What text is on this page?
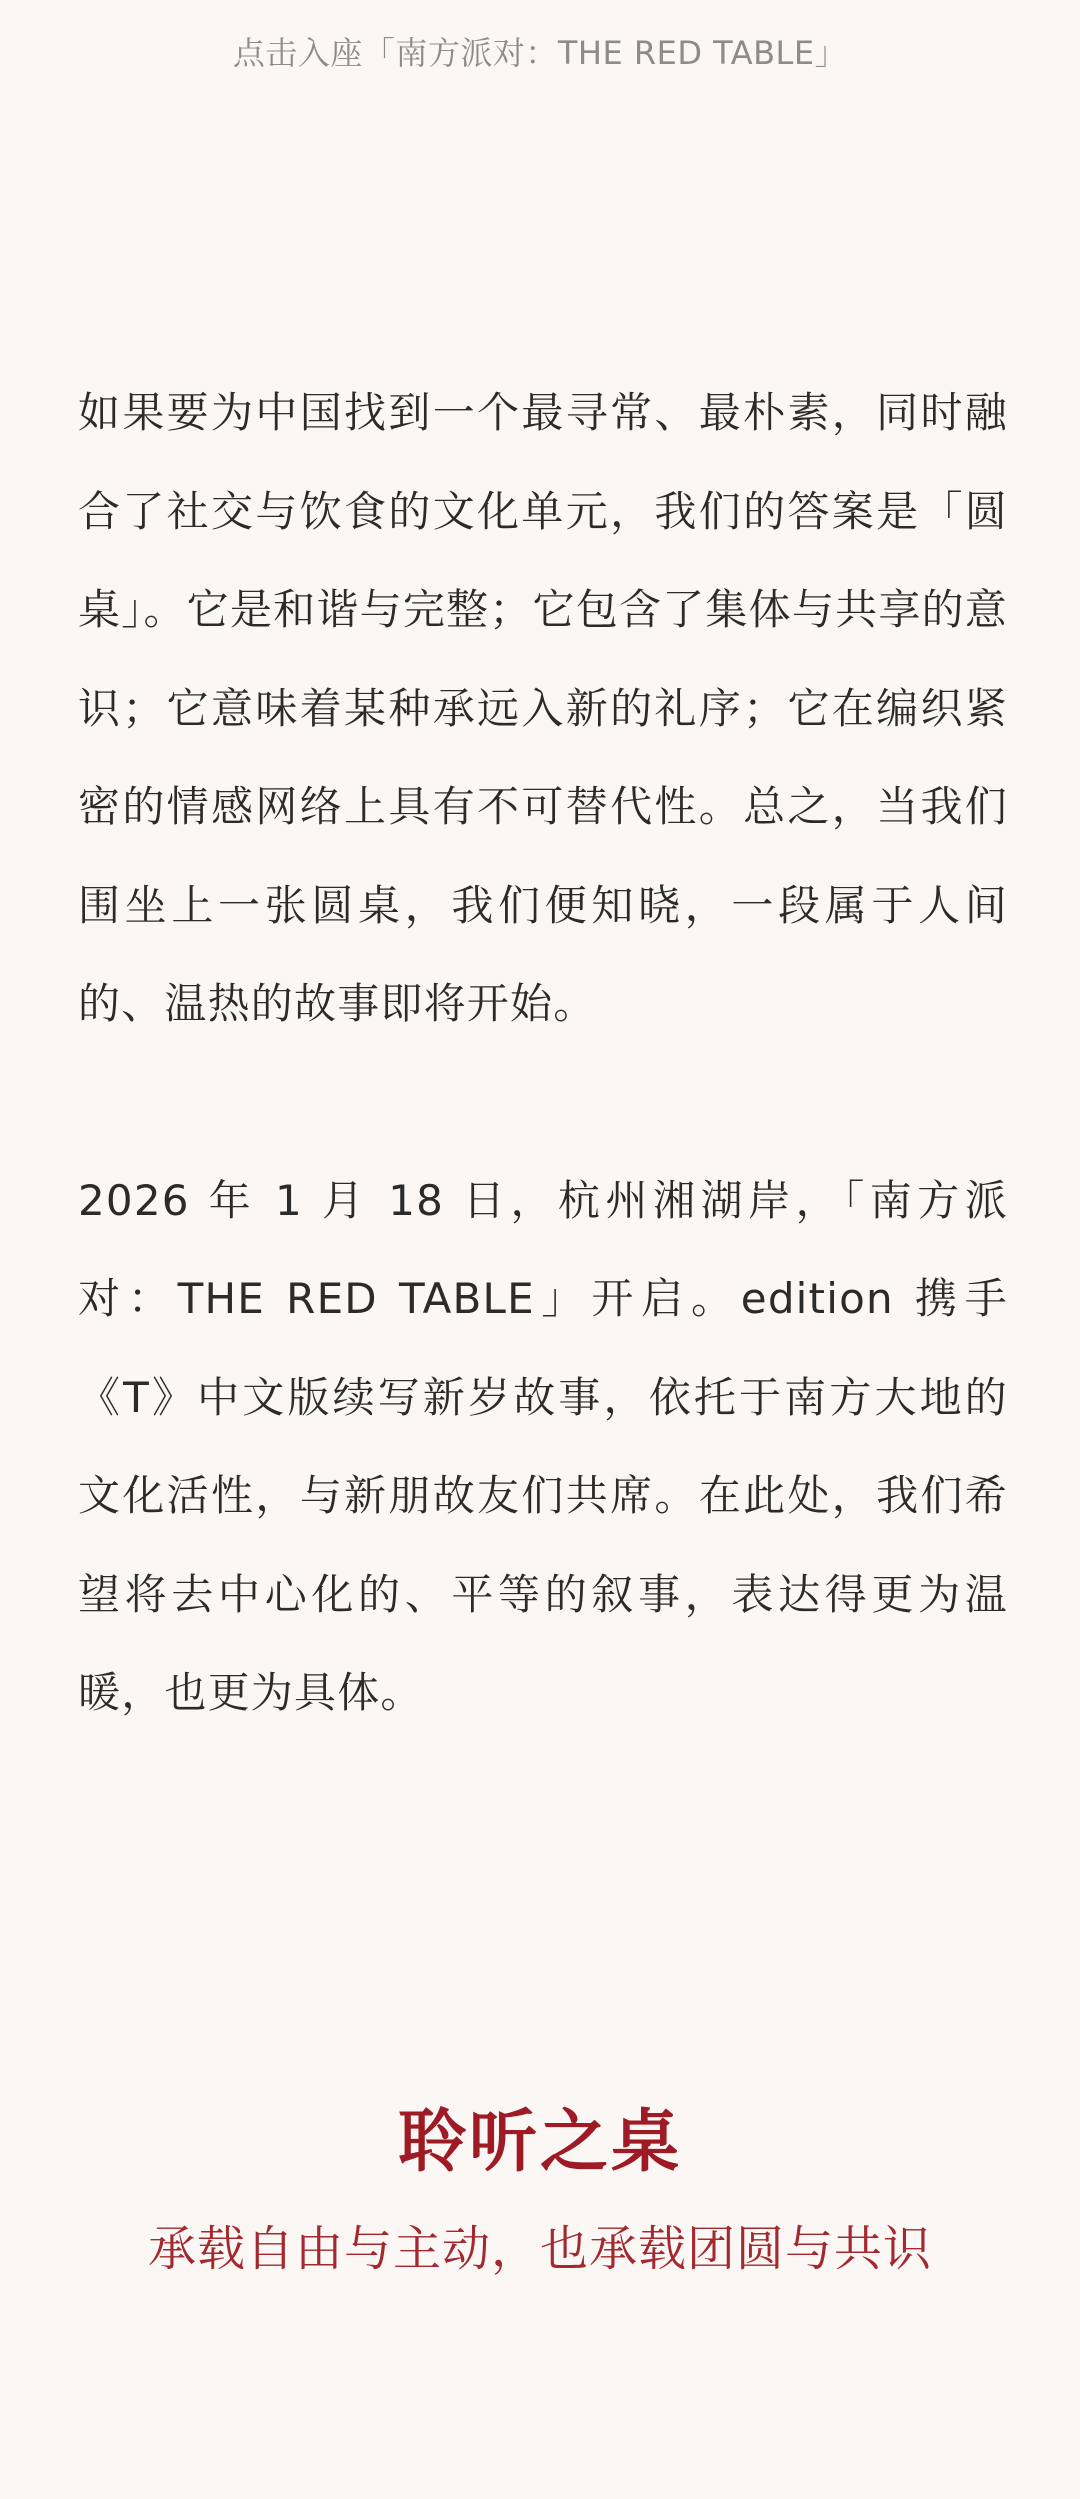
点击入座「南方派对：THE RED TABLE」

如果要为中国找到一个最寻常、最朴素，同时融合了社交与饮食的文化单元，我们的答案是「圆桌」。它是和谐与完整；它包含了集体与共享的意识；它意味着某种承远入新的礼序；它在编织紧密的情感网络上具有不可替代性。总之，当我们围坐上一张圆桌，我们便知晓，一段属于人间的、温热的故事即将开始。

2026 年 1 月 18 日，杭州湘湖岸，「南方派对：THE RED TABLE」开启。edition 携手《T》中文版续写新岁故事，依托于南方大地的文化活性，与新朋故友们共席。在此处，我们希望将去中心化的、平等的叙事，表达得更为温暖，也更为具体。

聆听之桌
承载自由与主动，也承载团圆与共识
